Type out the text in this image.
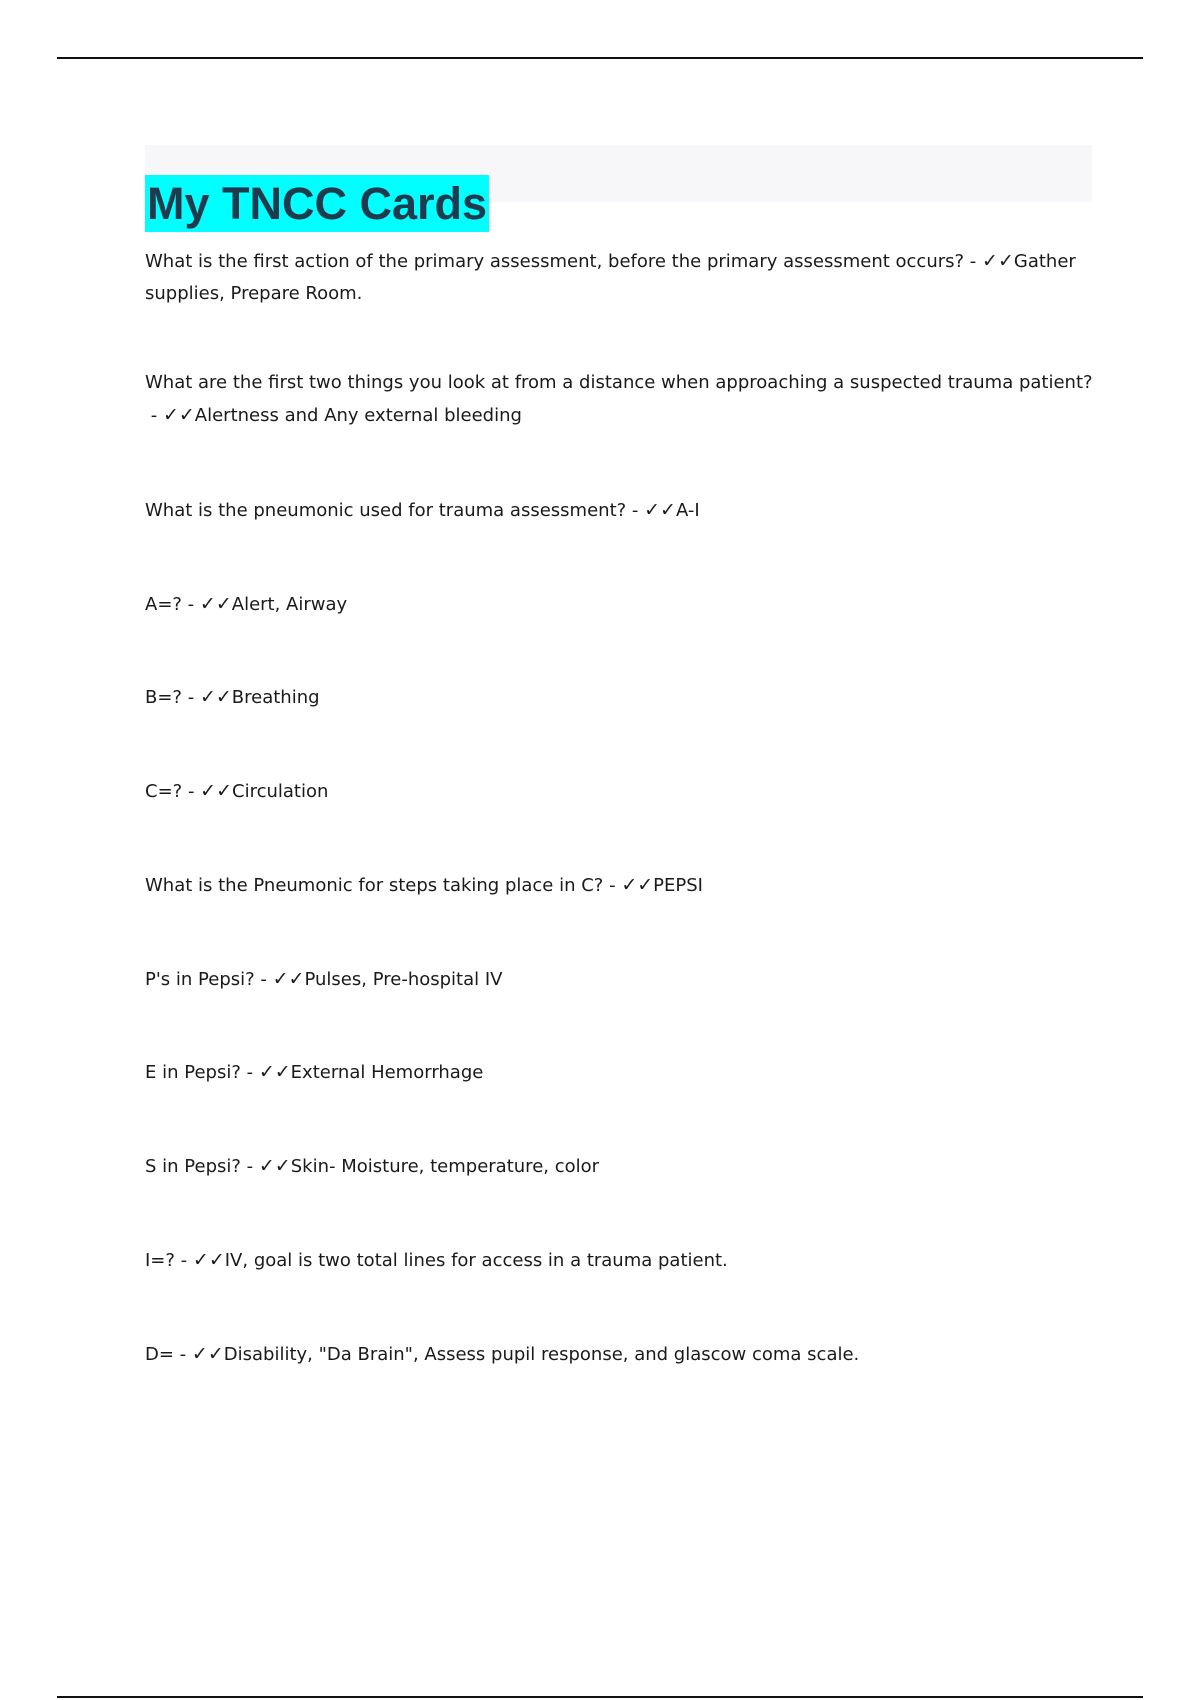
My TNCC Cards

What is the first action of the primary assessment, before the primary assessment occurs? - ✓✓Gather supplies, Prepare Room.

What are the first two things you look at from a distance when approaching a suspected trauma patient? - ✓✓Alertness and Any external bleeding

What is the pneumonic used for trauma assessment? - ✓✓A-I

A=? - ✓✓Alert, Airway

B=? - ✓✓Breathing

C=? - ✓✓Circulation

What is the Pneumonic for steps taking place in C? - ✓✓PEPSI

P's in Pepsi? - ✓✓Pulses, Pre-hospital IV

E in Pepsi? - ✓✓External Hemorrhage

S in Pepsi? - ✓✓Skin- Moisture, temperature, color

I=? - ✓✓IV, goal is two total lines for access in a trauma patient.

D= - ✓✓Disability, "Da Brain", Assess pupil response, and glascow coma scale.
